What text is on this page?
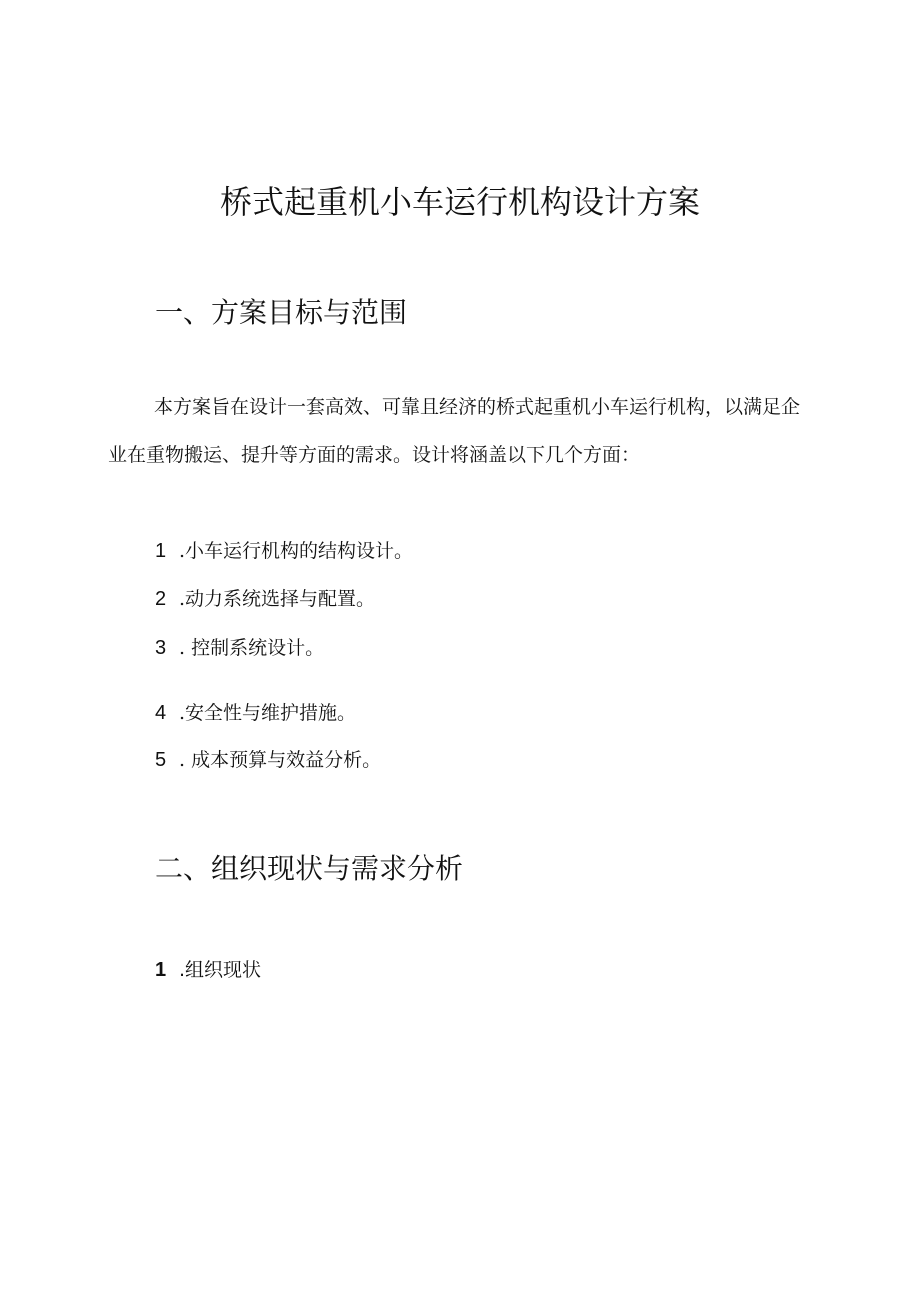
桥式起重机小车运行机构设计方案
一、方案目标与范围

本方案旨在设计一套高效、可靠且经济的桥式起重机小车运行机构，以满足企业在重物搬运、提升等方面的需求。设计将涵盖以下几个方面：

1 .小车运行机构的结构设计。

2 .动力系统选择与配置。

3 . 控制系统设计。

4 .安全性与维护措施。

5 . 成本预算与效益分析。

二、组织现状与需求分析

1 .组织现状
